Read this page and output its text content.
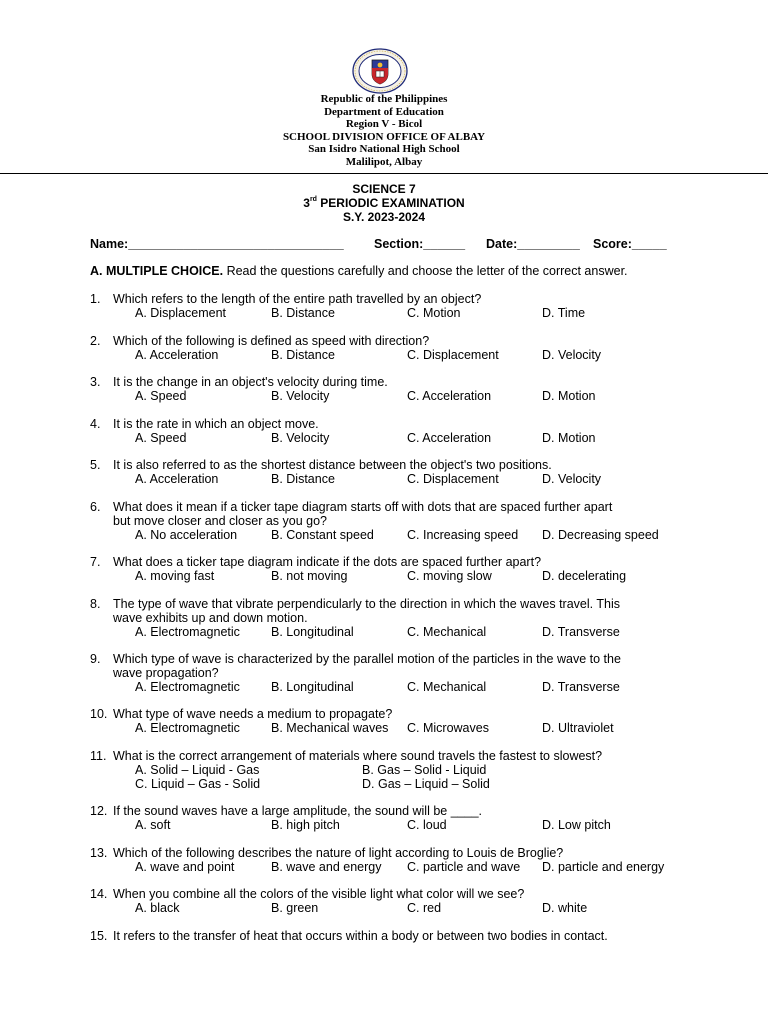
Republic of the Philippines
Department of Education
Region V - Bicol
SCHOOL DIVISION OFFICE OF ALBAY
San Isidro National High School
Malilipot, Albay
SCIENCE 7
3rd PERIODIC EXAMINATION
S.Y. 2023-2024
Name:_______________________________ Section:______ Date:_________ Score:_____
A. MULTIPLE CHOICE. Read the questions carefully and choose the letter of the correct answer.
1. Which refers to the length of the entire path travelled by an object?
A. Displacement	B. Distance	C. Motion	D. Time
2. Which of the following is defined as speed with direction?
A. Acceleration	B. Distance	C. Displacement	D. Velocity
3. It is the change in an object's velocity during time.
A. Speed	B. Velocity	C. Acceleration	D. Motion
4. It is the rate in which an object move.
A. Speed	B. Velocity	C. Acceleration	D. Motion
5. It is also referred to as the shortest distance between the object's two positions.
A. Acceleration	B. Distance	C. Displacement	D. Velocity
6. What does it mean if a ticker tape diagram starts off with dots that are spaced further apart
but move closer and closer as you go?
A. No acceleration	B. Constant speed	C. Increasing speed D. Decreasing speed
7. What does a ticker tape diagram indicate if the dots are spaced further apart?
A. moving fast	B. not moving	C. moving slow	D. decelerating
8. The type of wave that vibrate perpendicularly to the direction in which the waves travel. This
wave exhibits up and down motion.
A. Electromagnetic B. Longitudinal	C. Mechanical	D. Transverse
9. Which type of wave is characterized by the parallel motion of the particles in the wave to the
wave propagation?
A. Electromagnetic B. Longitudinal	C. Mechanical	D. Transverse
10. What type of wave needs a medium to propagate?
A. Electromagnetic B. Mechanical waves C. Microwaves	D. Ultraviolet
11. What is the correct arrangement of materials where sound travels the fastest to slowest?
A. Solid – Liquid - Gas	B. Gas – Solid - Liquid
C. Liquid – Gas - Solid	D. Gas – Liquid – Solid
12. If the sound waves have a large amplitude, the sound will be ____.
A. soft	B. high pitch	C. loud	D. Low pitch
13. Which of the following describes the nature of light according to Louis de Broglie?
A. wave and point	B. wave and energy C. particle and wave D. particle and energy
14. When you combine all the colors of the visible light what color will we see?
A. black	B. green	C. red	D. white
15. It refers to the transfer of heat that occurs within a body or between two bodies in contact.
